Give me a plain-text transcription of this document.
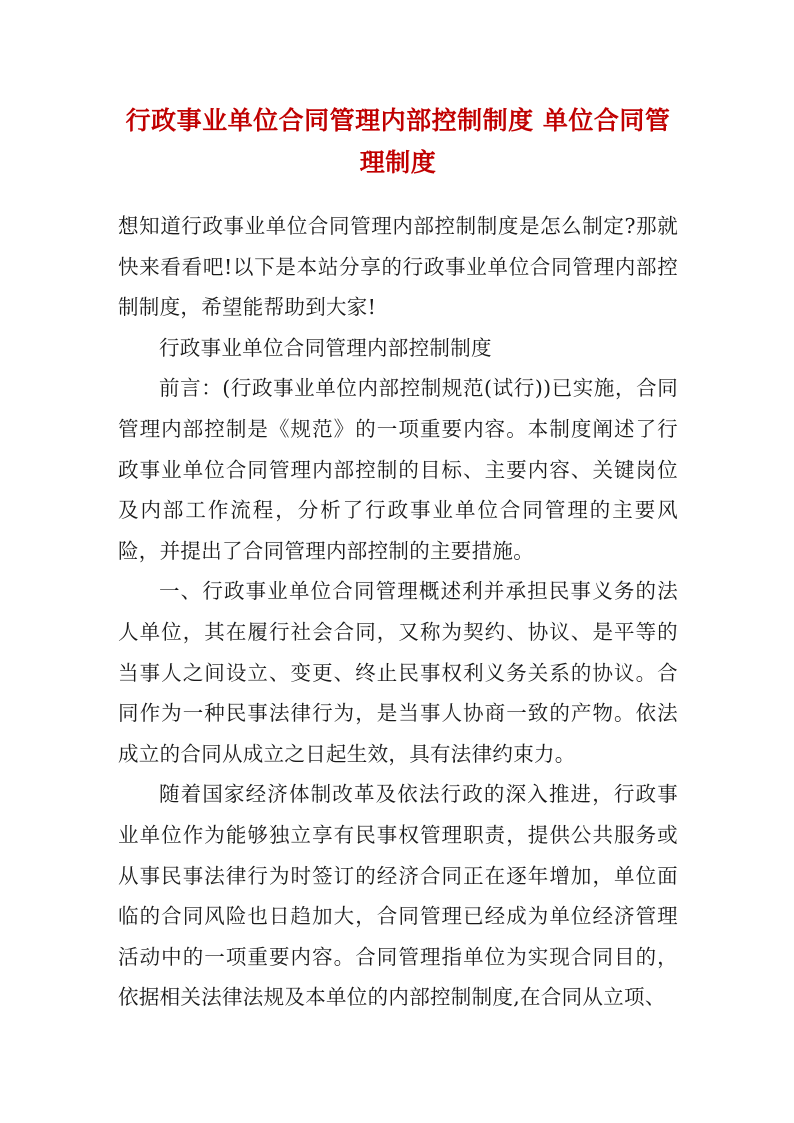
行政事业单位合同管理内部控制制度 单位合同管理制度

想知道行政事业单位合同管理内部控制制度是怎么制定?那就快来看看吧!以下是本站分享的行政事业单位合同管理内部控制制度，希望能帮助到大家!

行政事业单位合同管理内部控制制度

前言：(行政事业单位内部控制规范(试行))已实施，合同管理内部控制是《规范》的一项重要内容。本制度阐述了行政事业单位合同管理内部控制的目标、主要内容、关键岗位及内部工作流程，分析了行政事业单位合同管理的主要风险，并提出了合同管理内部控制的主要措施。

一、行政事业单位合同管理概述利并承担民事义务的法人单位，其在履行社会合同，又称为契约、协议、是平等的当事人之间设立、变更、终止民事权利义务关系的协议。合同作为一种民事法律行为，是当事人协商一致的产物。依法成立的合同从成立之日起生效，具有法律约束力。

随着国家经济体制改革及依法行政的深入推进，行政事业单位作为能够独立享有民事权管理职责，提供公共服务或从事民事法律行为时签订的经济合同正在逐年增加，单位面临的合同风险也日趋加大，合同管理已经成为单位经济管理活动中的一项重要内容。合同管理指单位为实现合同目的，依据相关法律法规及本单位的内部控制制度,在合同从立项、
